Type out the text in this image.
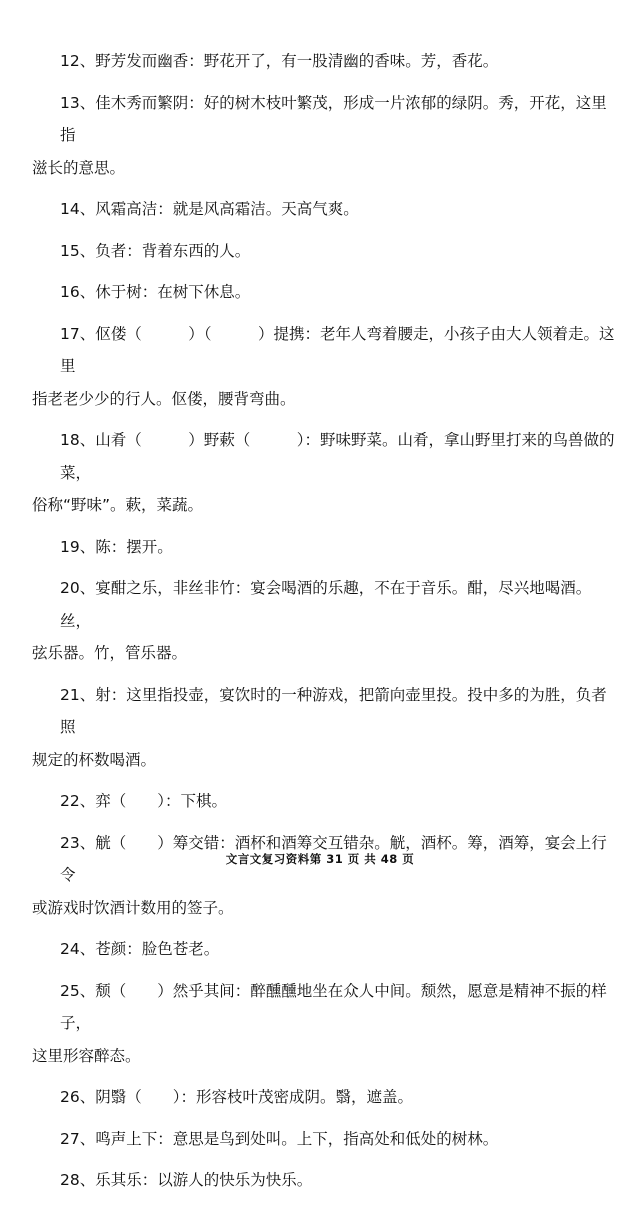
12、野芳发而幽香：野花开了，有一股清幽的香味。芳，香花。
13、佳木秀而繁阴：好的树木枝叶繁茂，形成一片浓郁的绿阴。秀，开花，这里指
滋长的意思。
14、风霜高洁：就是风高霜洁。天高气爽。
15、负者：背着东西的人。
16、休于树：在树下休息。
17、伛偻（　　　）（　　　）提携：老年人弯着腰走，小孩子由大人领着走。这里
指老老少少的行人。伛偻，腰背弯曲。
18、山肴（　　　）野蔌（　　　）：野味野菜。山肴，拿山野里打来的鸟兽做的菜，
俗称“野味”。蔌，菜蔬。
19、陈：摆开。
20、宴酣之乐，非丝非竹：宴会喝酒的乐趣，不在于音乐。酣，尽兴地喝酒。丝，
弦乐器。竹，管乐器。
21、射：这里指投壶，宴饮时的一种游戏，把箭向壶里投。投中多的为胜，负者照
规定的杯数喝酒。
22、弈（　　）：下棋。
23、觥（　　）筹交错：酒杯和酒筹交互错杂。觥，酒杯。筹，酒筹，宴会上行令
或游戏时饮酒计数用的签子。
24、苍颜：脸色苍老。
25、颓（　　）然乎其间：醉醺醺地坐在众人中间。颓然，愿意是精神不振的样子，
这里形容醉态。
26、阴翳（　　）：形容枝叶茂密成阴。翳，遮盖。
27、鸣声上下：意思是鸟到处叫。上下，指高处和低处的树林。
28、乐其乐：以游人的快乐为快乐。
文言文复习资料第 31 页 共 48 页
